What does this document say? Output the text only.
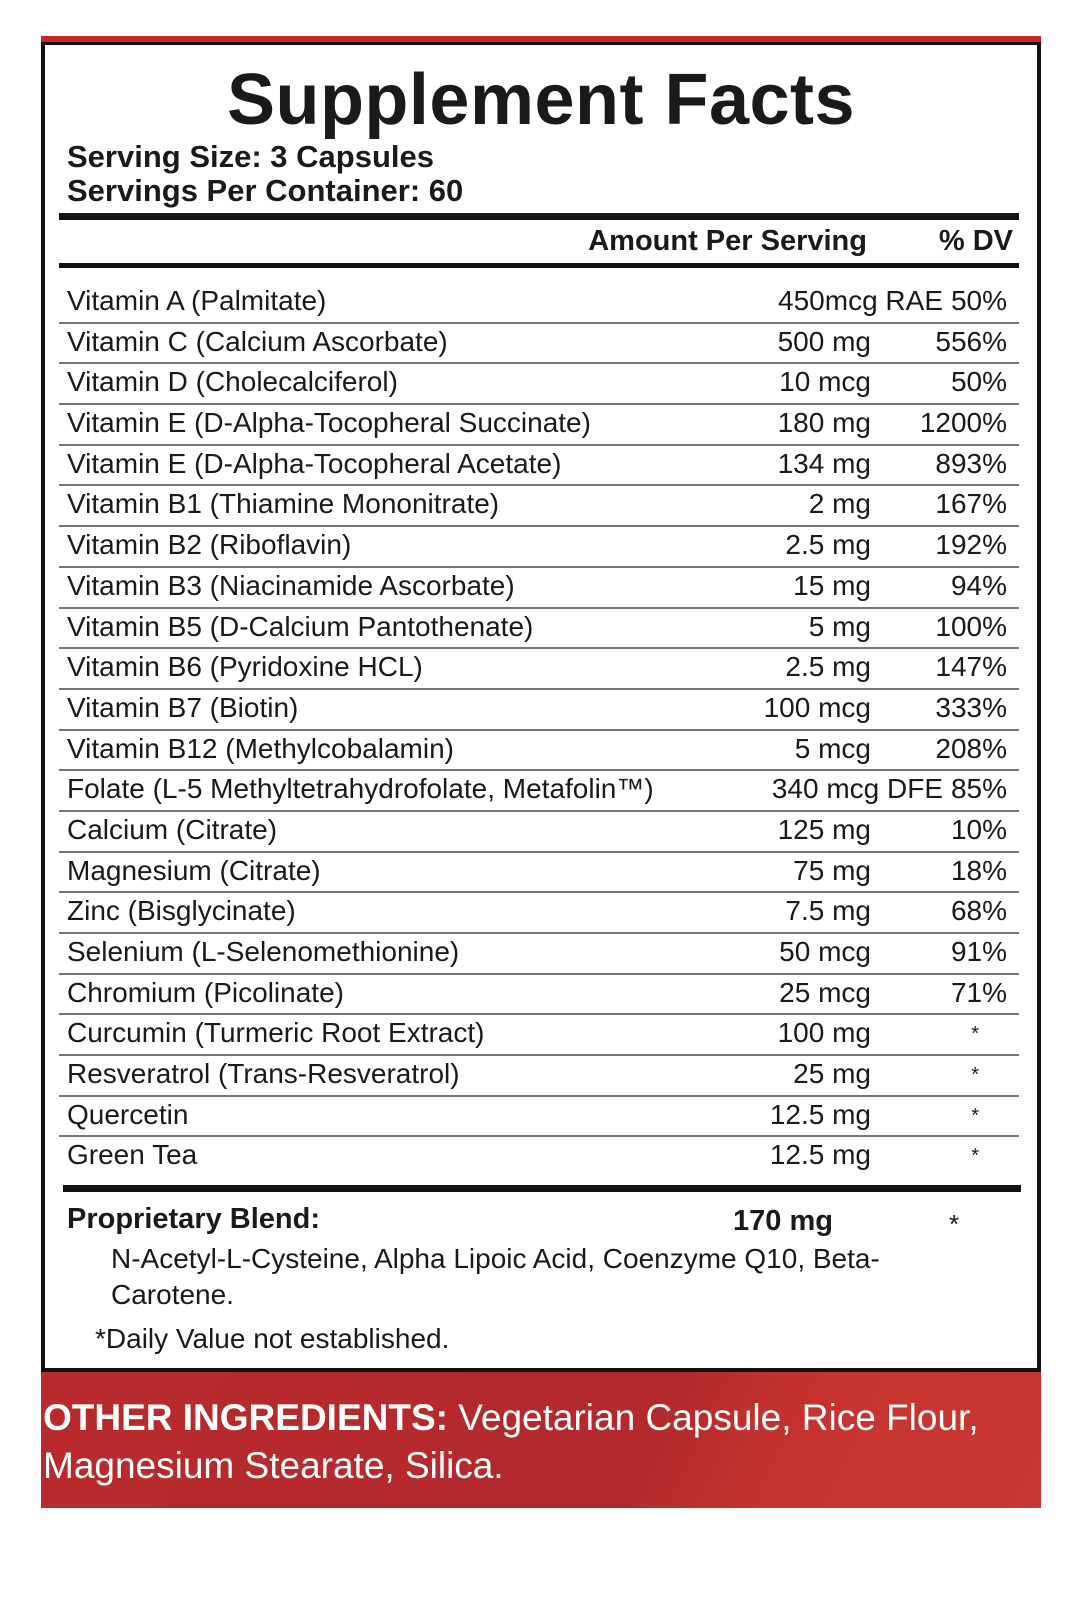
Supplement Facts
Serving Size: 3 Capsules
Servings Per Container: 60
Amount Per Serving % DV
Vitamin A (Palmitate)	450mcg RAE 50%
Vitamin C (Calcium Ascorbate)	500 mg 556%
Vitamin D (Cholecalciferol)	10 mcg	50%
Vitamin E (D-Alpha-Tocopheral Succinate)	180 mg 1200%
Vitamin E (D-Alpha-Tocopheral Acetate)	134 mg 893%
Vitamin B1 (Thiamine Mononitrate)	2 mg 167%
Vitamin B2 (Riboflavin)	2.5 mg 192%
Vitamin B3 (Niacinamide Ascorbate)	15 mg	94%
Vitamin B5 (D-Calcium Pantothenate)	5 mg 100%
Vitamin B6 (Pyridoxine HCL)	2.5 mg 147%
Vitamin B7 (Biotin)	100 mcg 333%
Vitamin B12 (Methylcobalamin)	5 mcg 208%
Folate (L-5 Methyltetrahydrofolate, Metafolin™)	340 mcg DFE 85%
Calcium (Citrate)	125 mg	10%
Magnesium (Citrate)	75 mg	18%
Zinc (Bisglycinate)	7.5 mg	68%
Selenium (L-Selenomethionine)	50 mcg	91%
Chromium (Picolinate)	25 mcg	71%
Curcumin (Turmeric Root Extract)	100 mg	*
Resveratrol (Trans-Resveratrol)	25 mg	*
Quercetin	12.5 mg	*
Green Tea	12.5 mg	*
Proprietary Blend:	170 mg	*
N-Acetyl-L-Cysteine, Alpha Lipoic Acid, Coenzyme Q10, Beta-Carotene.
*Daily Value not established.
OTHER INGREDIENTS: Vegetarian Capsule, Rice Flour, Magnesium Stearate, Silica.
